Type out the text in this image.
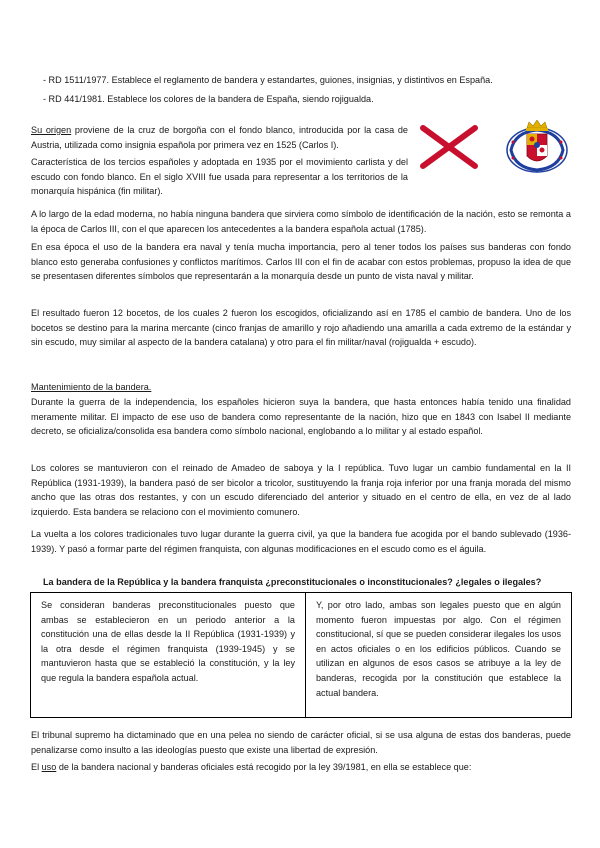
- RD 1511/1977. Establece el reglamento de bandera y estandartes, guiones, insignias, y distintivos en España.

- RD 441/1981. Establece los colores de la bandera de España, siendo rojigualda.

Su origen proviene de la cruz de borgoña con el fondo blanco, introducida por la casa de Austria, utilizada como insignia española por primera vez en 1525 (Carlos I).

Característica de los tercios españoles y adoptada en 1935 por el movimiento carlista y del escudo con fondo blanco. En el siglo XVIII fue usada para representar a los territorios de la monarquía hispánica (fin militar).

A lo largo de la edad moderna, no había ninguna bandera que sirviera como símbolo de identificación de la nación, esto se remonta a la época de Carlos III, con el que aparecen los antecedentes a la bandera española actual (1785).

En esa época el uso de la bandera era naval y tenía mucha importancia, pero al tener todos los países sus banderas con fondo blanco esto generaba confusiones y conflictos marítimos. Carlos III con el fin de acabar con estos problemas, propuso la idea de que se presentasen diferentes símbolos que representarán a la monarquía desde un punto de vista naval y militar.

El resultado fueron 12 bocetos, de los cuales 2 fueron los escogidos, oficializando así en 1785 el cambio de bandera. Uno de los bocetos se destino para la marina mercante (cinco franjas de amarillo y rojo añadiendo una amarilla a cada extremo de la estándar y sin escudo, muy similar al aspecto de la bandera catalana) y otro para el fin militar/naval (rojigualda + escudo).

Mantenimiento de la bandera.

Durante la guerra de la independencia, los españoles hicieron suya la bandera, que hasta entonces había tenido una finalidad meramente militar. El impacto de ese uso de bandera como representante de la nación, hizo que en 1843 con Isabel II mediante decreto, se oficializa/consolida esa bandera como símbolo nacional, englobando a lo militar y al estado español.

Los colores se mantuvieron con el reinado de Amadeo de saboya y la I república. Tuvo lugar un cambio fundamental en la II República (1931-1939), la bandera pasó de ser bicolor a tricolor, sustituyendo la franja roja inferior por una franja morada del mismo ancho que las otras dos restantes, y con un escudo diferenciado del anterior y situado en el centro de ella, en vez de al lado izquierdo. Esta bandera se relaciono con el movimiento comunero.

La vuelta a los colores tradicionales tuvo lugar durante la guerra civil, ya que la bandera fue acogida por el bando sublevado (1936-1939). Y pasó a formar parte del régimen franquista, con algunas modificaciones en el escudo como es el águila.

La bandera de la República y la bandera franquista ¿preconstitucionales o inconstitucionales? ¿legales o ilegales?

Se consideran banderas preconstitucionales puesto que ambas se establecieron en un periodo anterior a la constitución una de ellas desde la II República (1931-1939) y la otra desde el régimen franquista (1939-1945) y se mantuvieron hasta que se estableció la constitución, y la ley que regula la bandera española actual.	Y, por otro lado, ambas son legales puesto que en algún momento fueron impuestas por algo. Con el régimen constitucional, sí que se pueden considerar ilegales los usos en actos oficiales o en los edificios públicos. Cuando se utilizan en algunos de esos casos se atribuye a la ley de banderas, recogida por la constitución que establece la actual bandera.

El tribunal supremo ha dictaminado que en una pelea no siendo de carácter oficial, si se usa alguna de estas dos banderas, puede penalizarse como insulto a las ideologías puesto que existe una libertad de expresión.

El uso de la bandera nacional y banderas oficiales está recogido por la ley 39/1981, en ella se establece que:
